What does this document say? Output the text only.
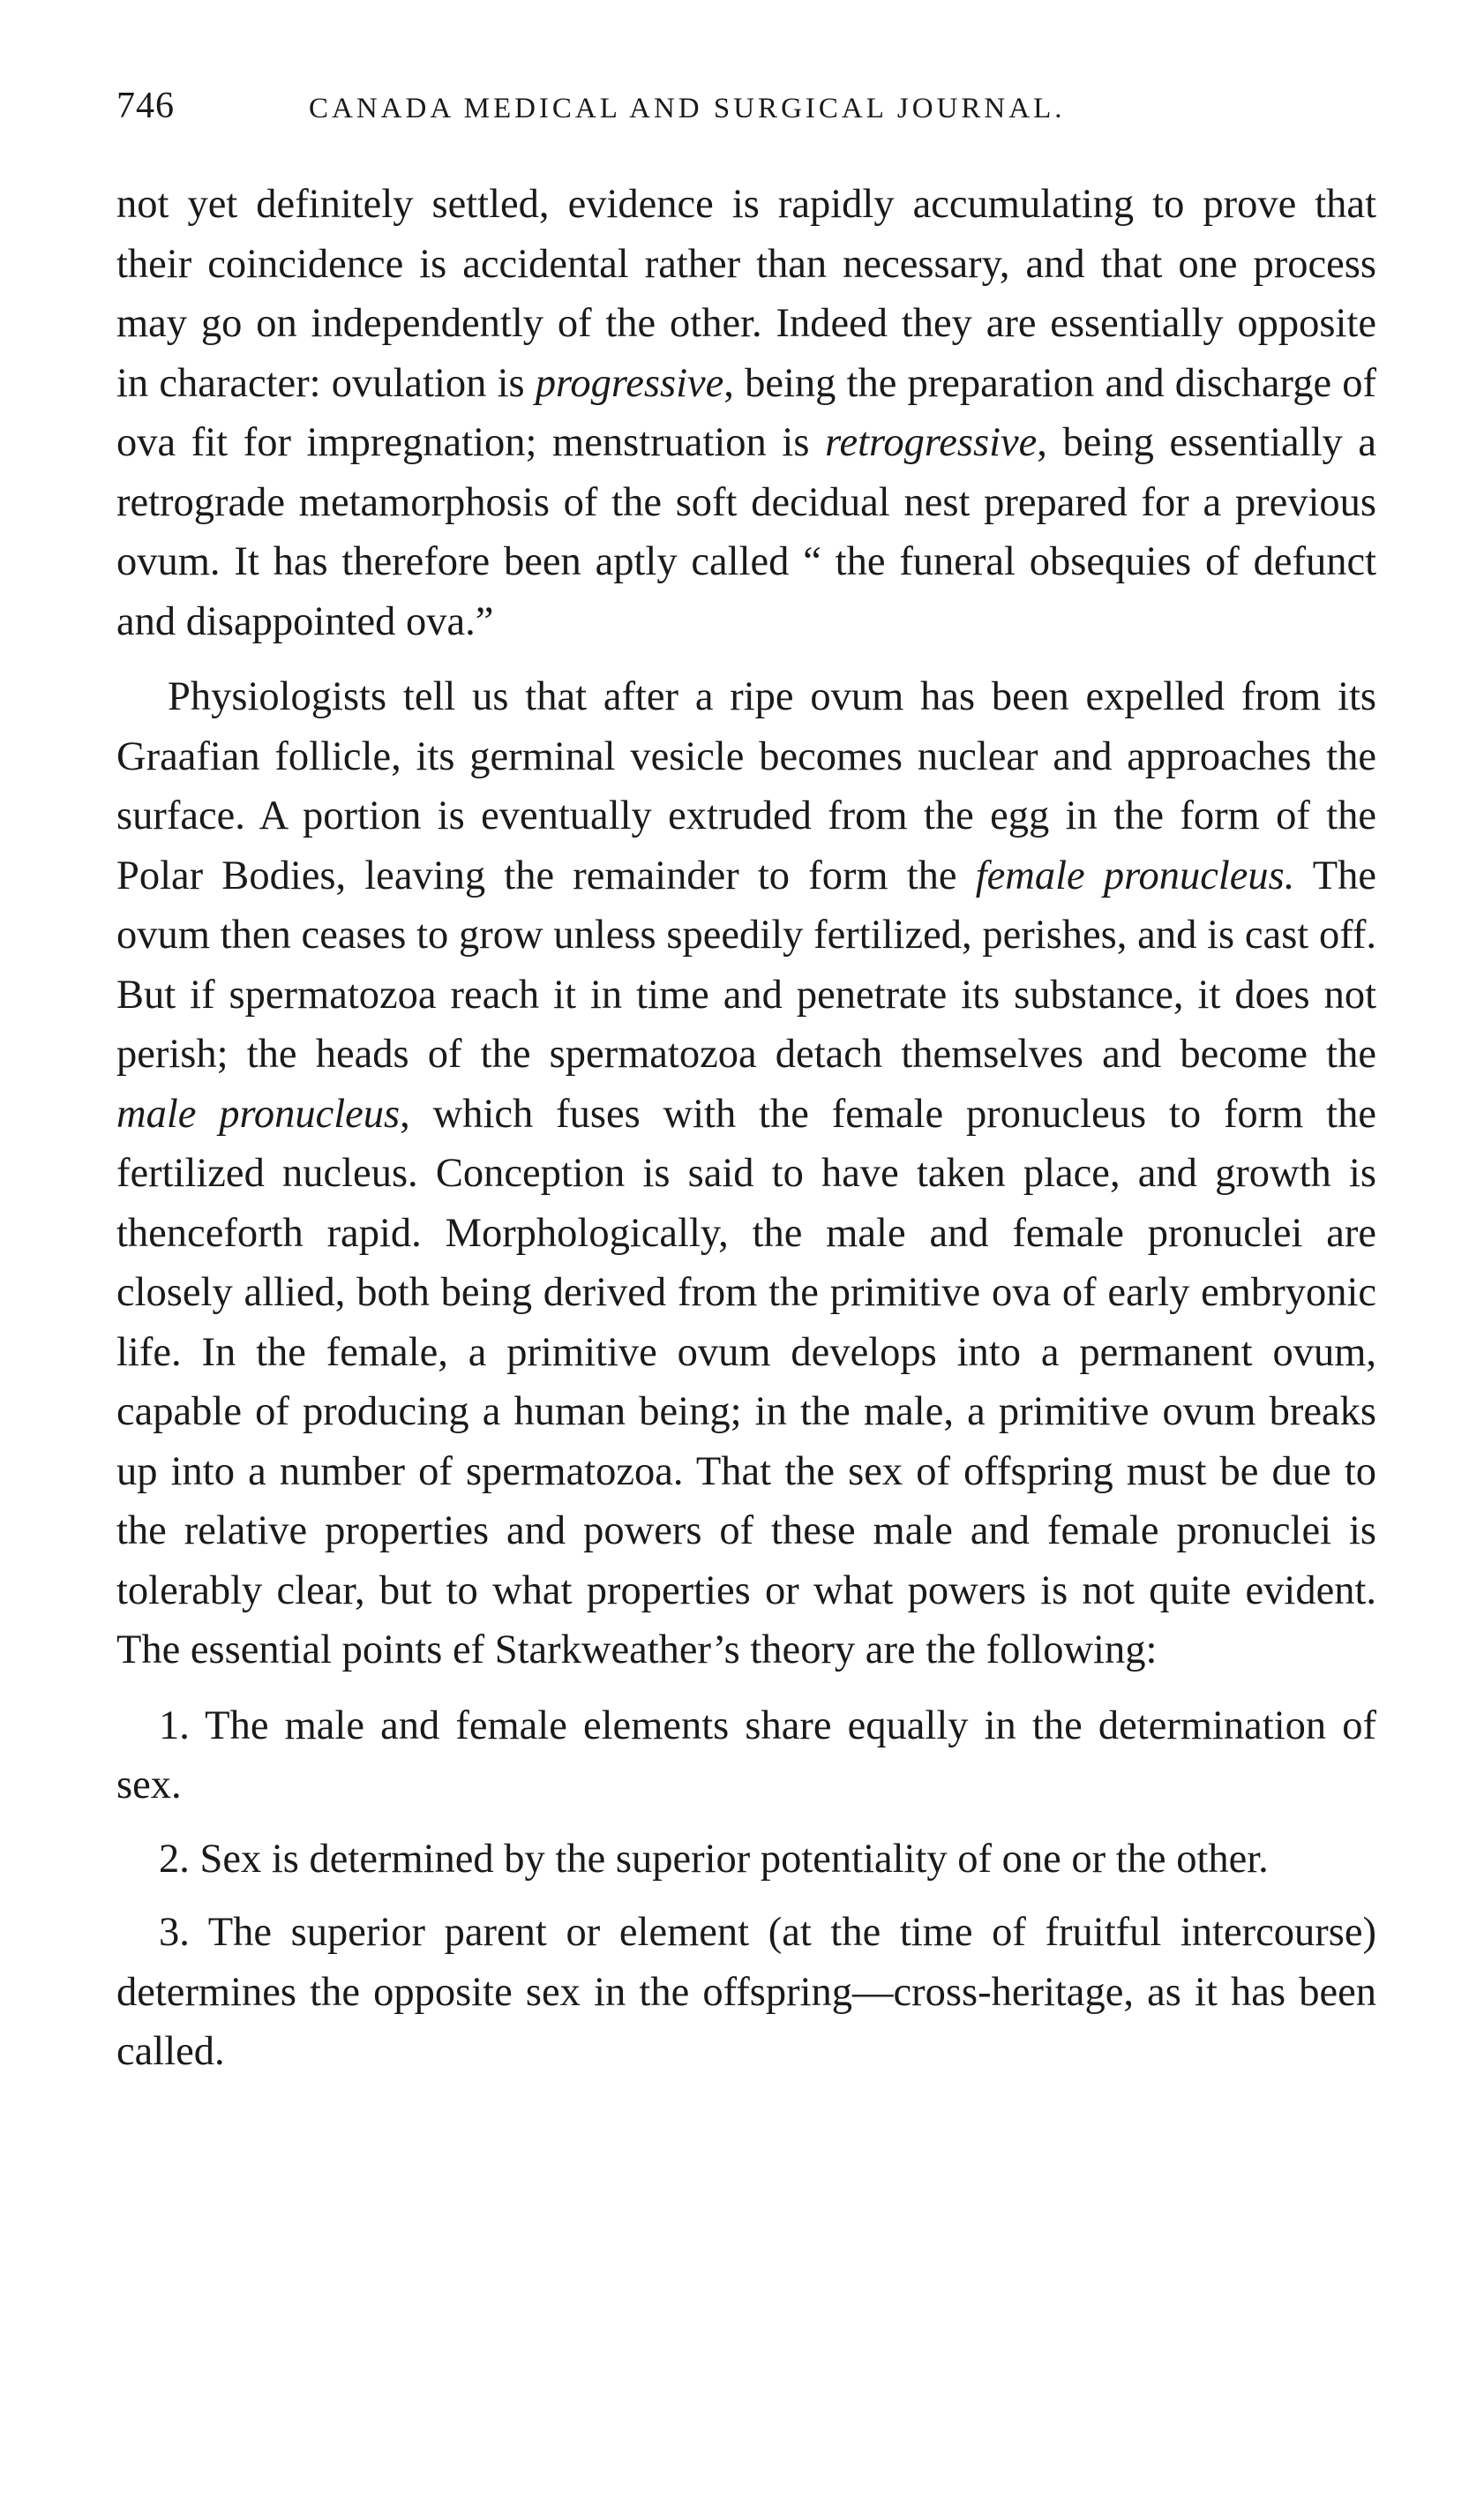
746	CANADA MEDICAL AND SURGICAL JOURNAL.

not yet definitely settled, evidence is rapidly accumulating to prove that their coincidence is accidental rather than necessary, and that one process may go on independently of the other. Indeed they are essentially opposite in character: ovulation is progressive, being the preparation and discharge of ova fit for impregnation; menstruation is retrogressive, being essentially a retrograde metamorphosis of the soft decidual nest prepared for a previous ovum. It has therefore been aptly called “ the funeral obsequies of defunct and disappointed ova.”

Physiologists tell us that after a ripe ovum has been expelled from its Graafian follicle, its germinal vesicle becomes nuclear and approaches the surface. A portion is eventually extruded from the egg in the form of the Polar Bodies, leaving the remainder to form the female pronucleus. The ovum then ceases to grow unless speedily fertilized, perishes, and is cast off. But if spermatozoa reach it in time and penetrate its substance, it does not perish; the heads of the spermatozoa detach themselves and become the male pronucleus, which fuses with the female pronucleus to form the fertilized nucleus. Conception is said to have taken place, and growth is thenceforth rapid. Morphologically, the male and female pronuclei are closely allied, both being derived from the primitive ova of early embryonic life. In the female, a primitive ovum develops into a permanent ovum, capable of producing a human being; in the male, a primitive ovum breaks up into a number of spermatozoa. That the sex of offspring must be due to the relative properties and powers of these male and female pronuclei is tolerably clear, but to what properties or what powers is not quite evident. The essential points ef Starkweather’s theory are the following:

1. The male and female elements share equally in the determination of sex.

2. Sex is determined by the superior potentiality of one or the other.

3. The superior parent or element (at the time of fruitful intercourse) determines the opposite sex in the offspring—cross-heritage, as it has been called.
